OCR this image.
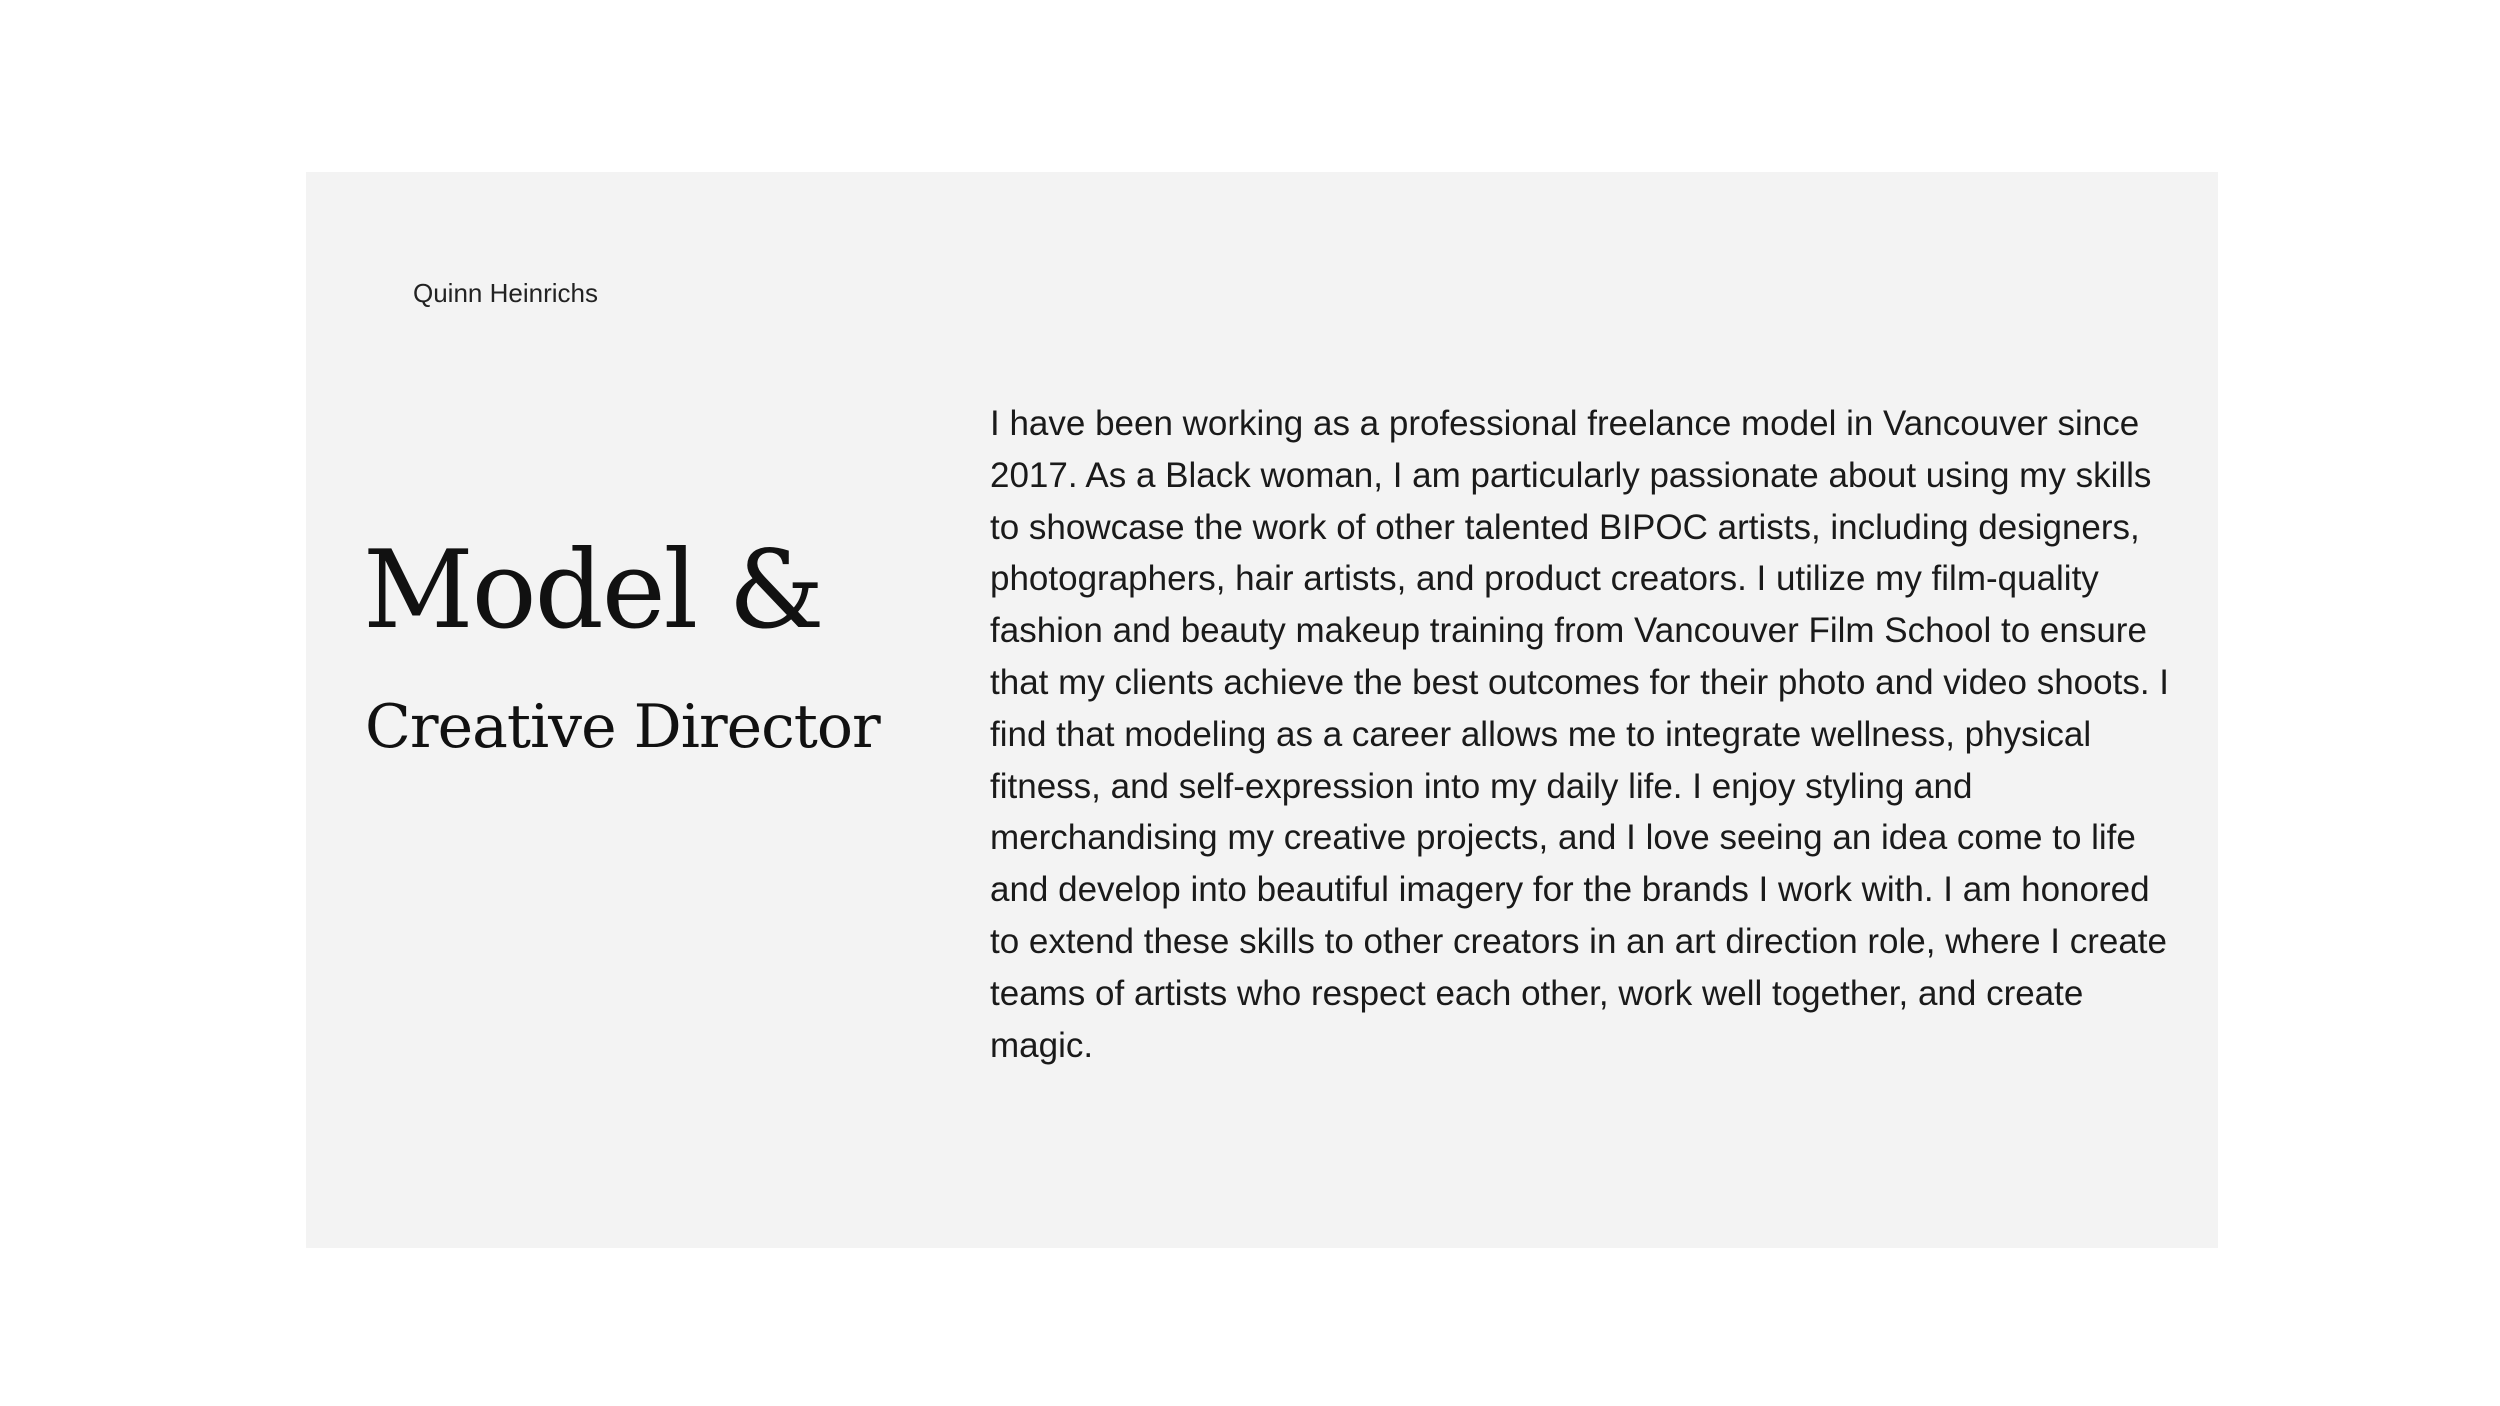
Quinn Heinrichs
Model &
Creative Director

I have been working as a professional freelance model in Vancouver since 2017. As a Black woman, I am particularly passionate about using my skills to showcase the work of other talented BIPOC artists, including designers, photographers, hair artists, and product creators. I utilize my film-quality fashion and beauty makeup training from Vancouver Film School to ensure that my clients achieve the best outcomes for their photo and video shoots. I find that modeling as a career allows me to integrate wellness, physical fitness, and self-expression into my daily life. I enjoy styling and merchandising my creative projects, and I love seeing an idea come to life and develop into beautiful imagery for the brands I work with. I am honored to extend these skills to other creators in an art direction role, where I create teams of artists who respect each other, work well together, and create magic.
